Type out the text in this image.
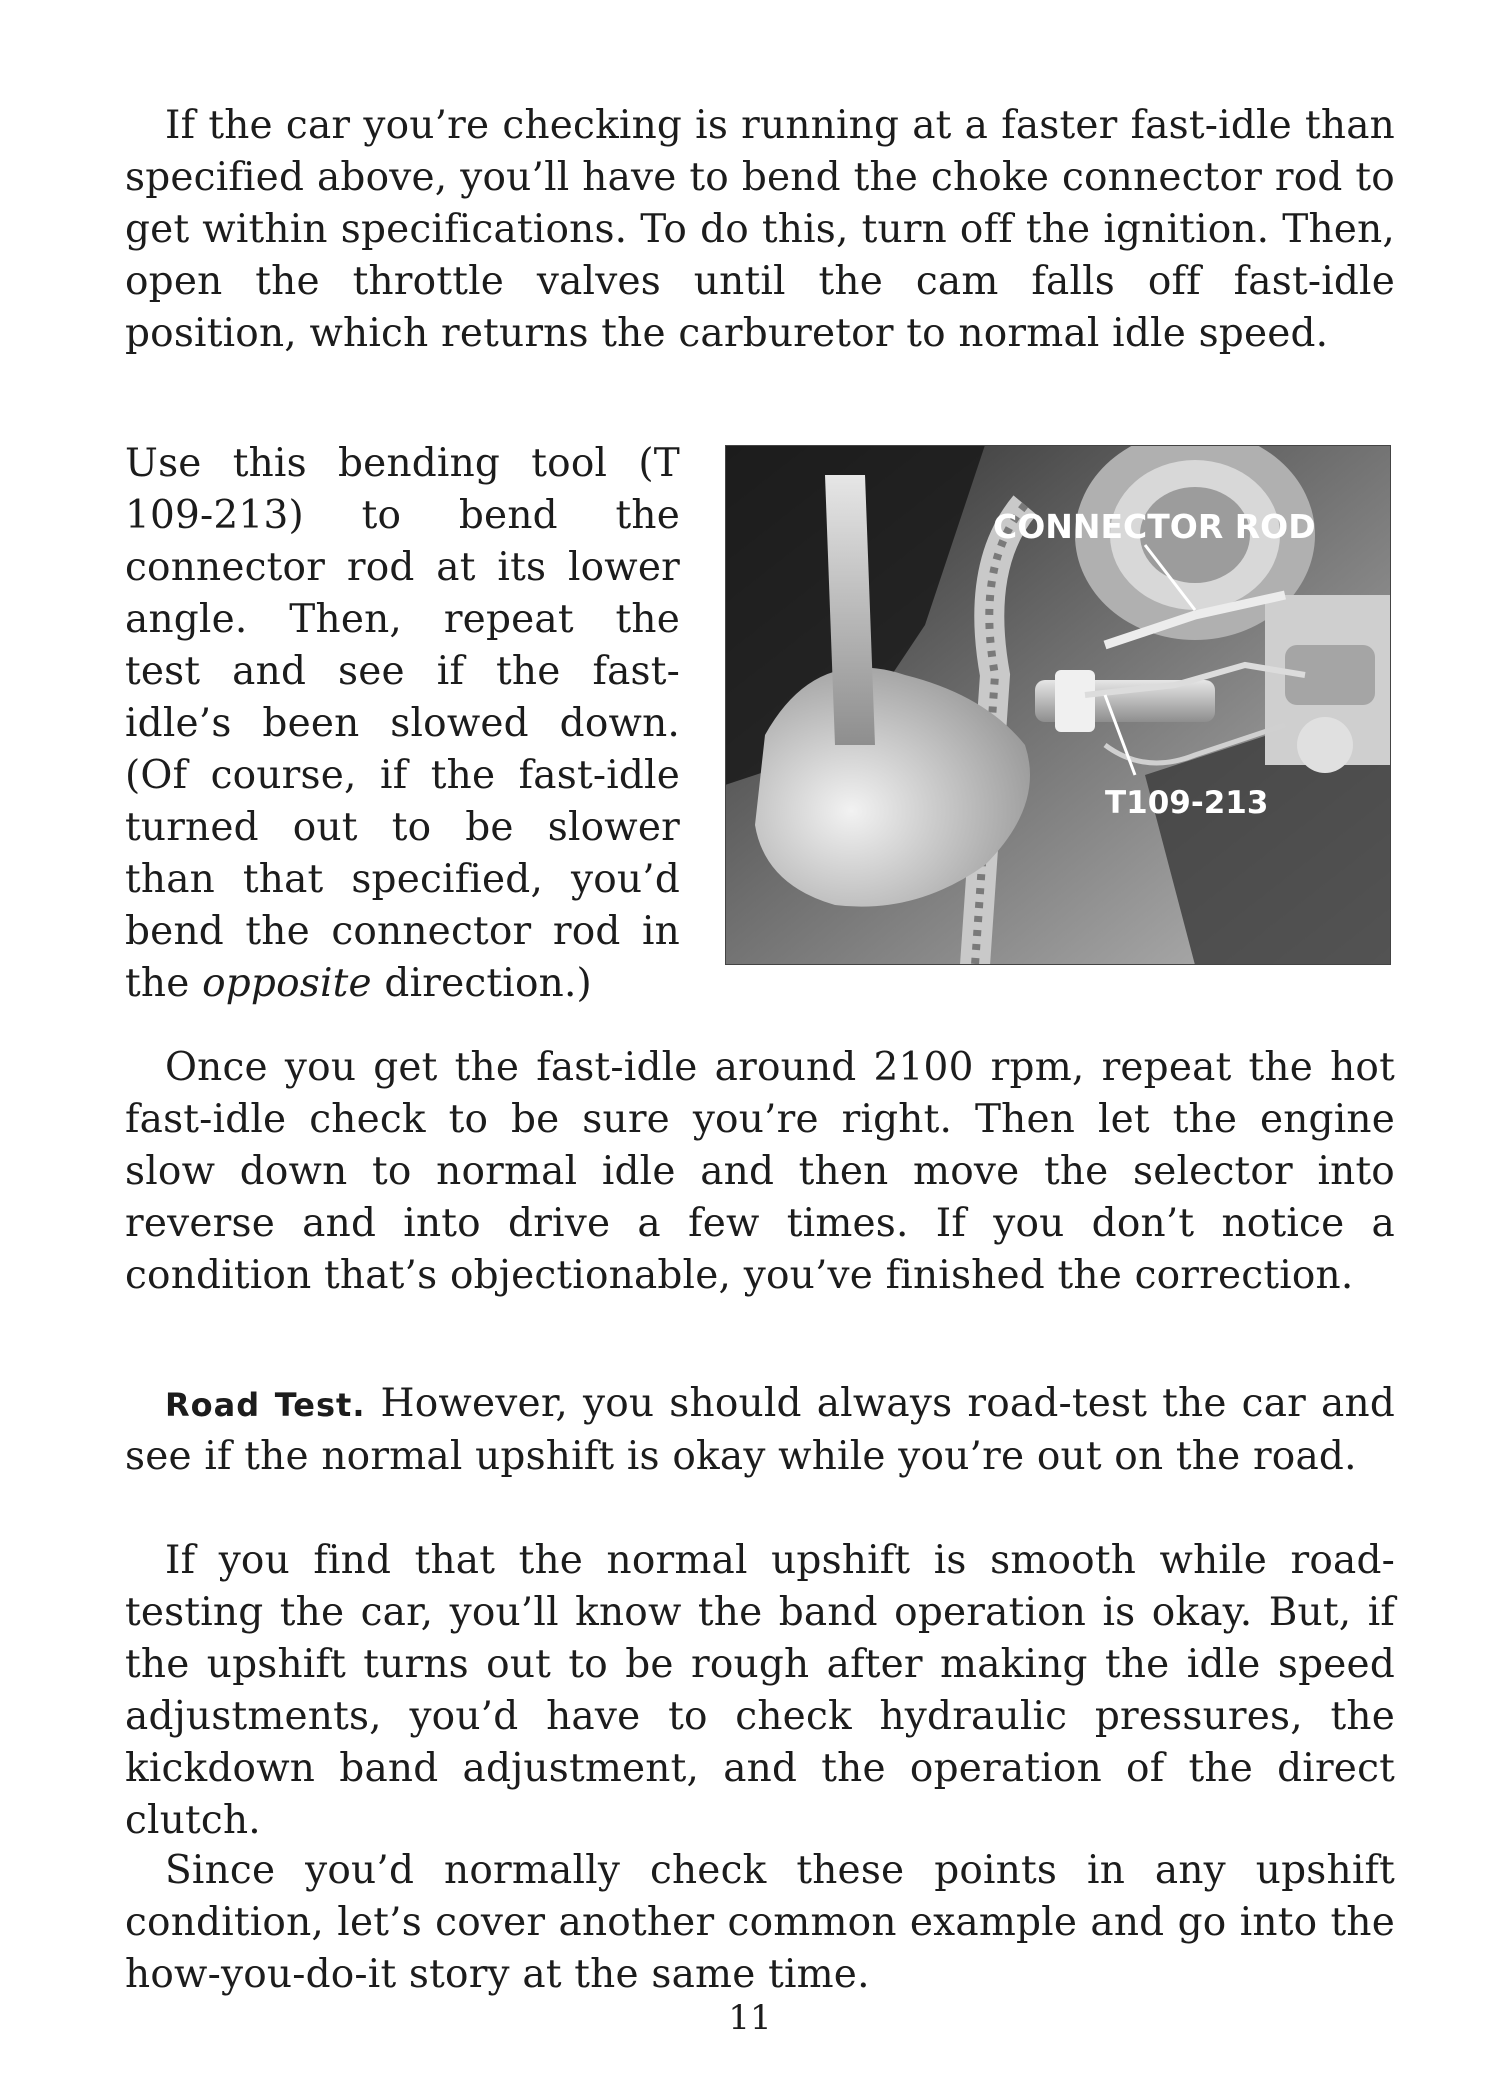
If the car you’re checking is running at a faster fast-idle than specified above, you’ll have to bend the choke connector rod to get within specifications. To do this, turn off the ignition. Then, open the throttle valves until the cam falls off fast-idle position, which returns the carburetor to normal idle speed.

Use this bending tool (T 109-213) to bend the connector rod at its lower angle. Then, repeat the test and see if the fast-idle’s been slowed down. (Of course, if the fast-idle turned out to be slower than that specified, you’d bend the connector rod in the opposite direction.)

CONNECTOR ROD
T109-213

Once you get the fast-idle around 2100 rpm, repeat the hot fast-idle check to be sure you’re right. Then let the engine slow down to normal idle and then move the selector into reverse and into drive a few times. If you don’t notice a condition that’s objectionable, you’ve finished the correction.

Road Test. However, you should always road-test the car and see if the normal upshift is okay while you’re out on the road.

If you find that the normal upshift is smooth while road-testing the car, you’ll know the band operation is okay. But, if the upshift turns out to be rough after making the idle speed adjustments, you’d have to check hydraulic pressures, the kickdown band adjustment, and the operation of the direct clutch.

Since you’d normally check these points in any upshift condition, let’s cover another common example and go into the how-you-do-it story at the same time.

11
